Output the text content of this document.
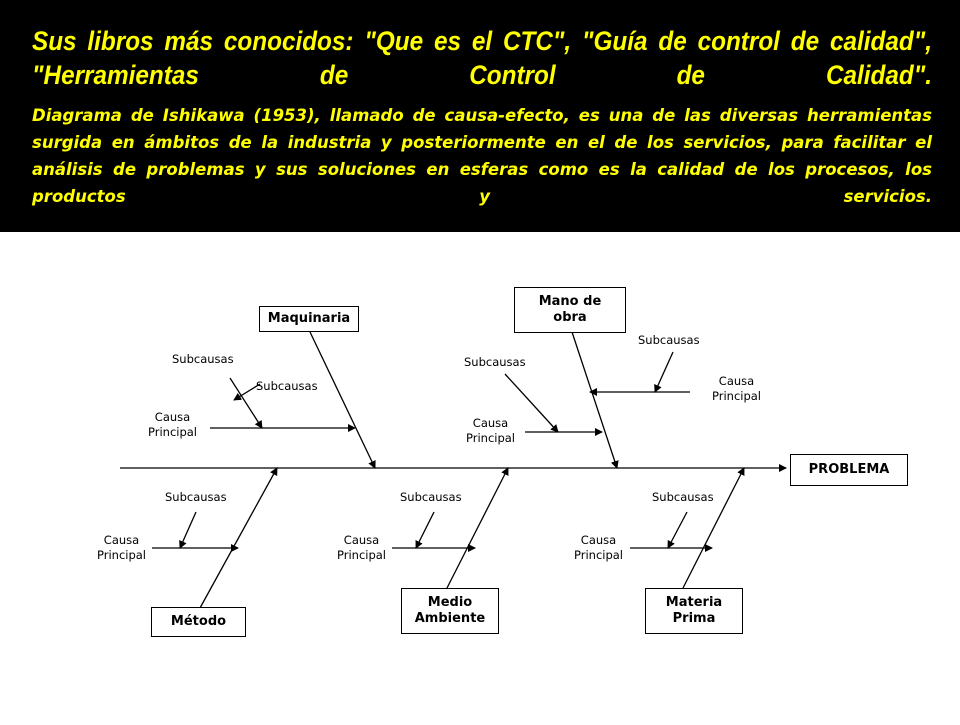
Sus libros más conocidos: "Que es el CTC", "Guía de control de calidad", "Herramientas de Control de Calidad".
Diagrama de Ishikawa (1953), llamado de causa-efecto, es una de las diversas herramientas surgida en ámbitos de la industria y posteriormente en el de los servicios, para facilitar el análisis de problemas y sus soluciones en esferas como es la calidad de los procesos, los productos y servicios.
PROBLEMA
Maquinaria
Mano de
obra
Método
Medio
Ambiente
Materia
Prima
Subcausas
Subcausas
Causa
Principal
Subcausas
Subcausas
Causa
Principal
Causa
Principal
Subcausas
Causa
Principal
Subcausas
Causa
Principal
Subcausas
Causa
Principal
